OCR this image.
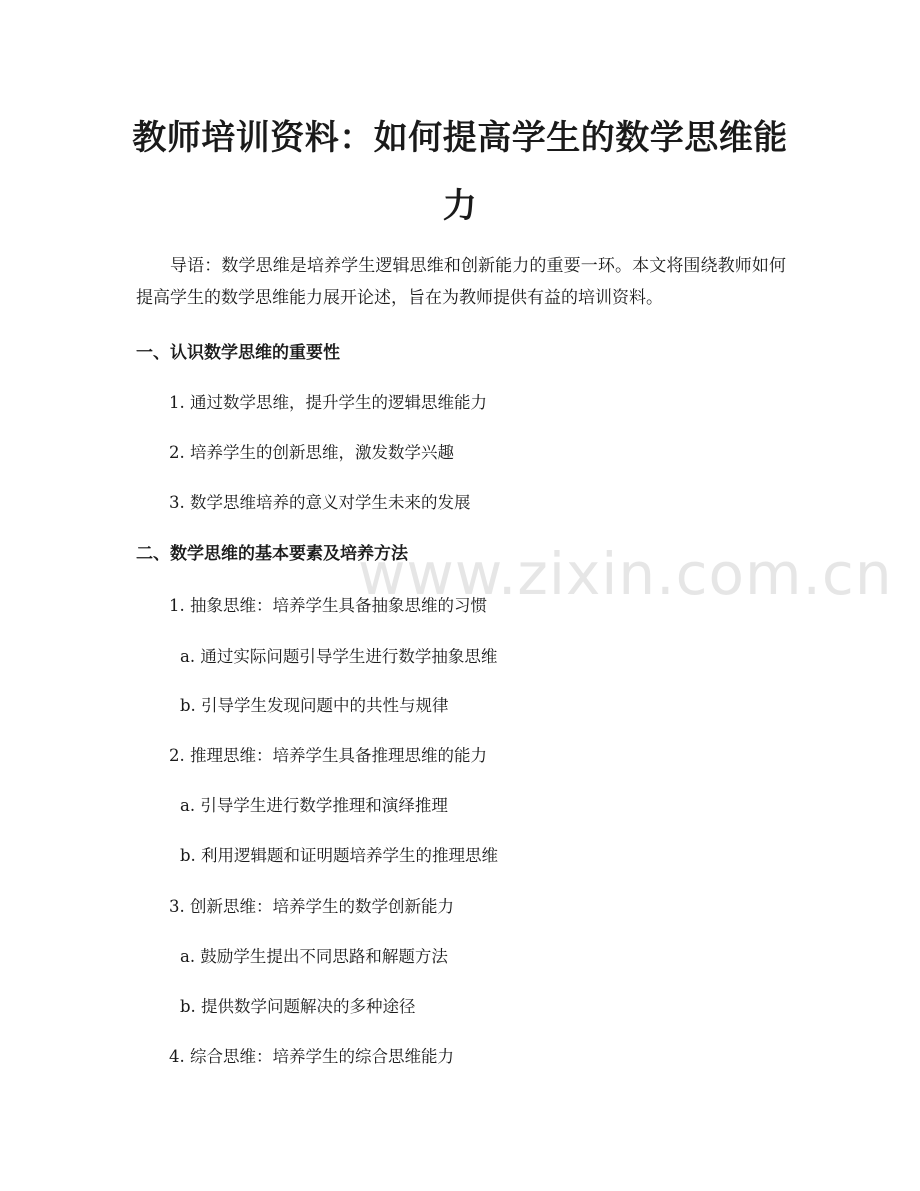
教师培训资料：如何提高学生的数学思维能力

导语：数学思维是培养学生逻辑思维和创新能力的重要一环。本文将围绕教师如何提高学生的数学思维能力展开论述，旨在为教师提供有益的培训资料。

一、认识数学思维的重要性

1. 通过数学思维，提升学生的逻辑思维能力

2. 培养学生的创新思维，激发数学兴趣

3. 数学思维培养的意义对学生未来的发展

二、数学思维的基本要素及培养方法

1. 抽象思维：培养学生具备抽象思维的习惯

a. 通过实际问题引导学生进行数学抽象思维

b. 引导学生发现问题中的共性与规律

2. 推理思维：培养学生具备推理思维的能力

a. 引导学生进行数学推理和演绎推理

b. 利用逻辑题和证明题培养学生的推理思维

3. 创新思维：培养学生的数学创新能力

a. 鼓励学生提出不同思路和解题方法

b. 提供数学问题解决的多种途径

4. 综合思维：培养学生的综合思维能力

www.zixin.com.cn
